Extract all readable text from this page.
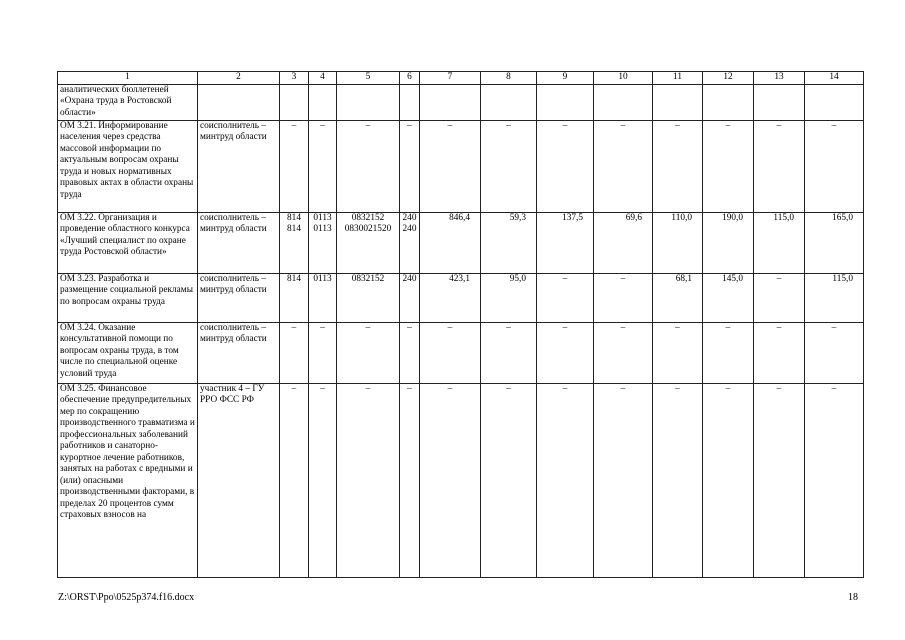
1	2	3	4	5	6	7	8	9	10	11	12	13	14
аналитических бюллетеней «Охрана труда в Ростовской области»													
ОМ 3.21. Информирование населения через средства массовой информации по актуальным вопросам охраны труда и новых нормативных правовых актах в области охраны труда	соисполнитель – минтруд области	–	–	–	–	–	–	–	–	–	–	–	–
ОМ 3.22. Организация и проведение областного конкурса «Лучший специалист по охране труда Ростовской области»	соисполнитель – минтруд области	814 814	0113 0113	0832152 0830021520	240 240	846,4	59,3	137,5	69,6	110,0	190,0	115,0	165,0
ОМ 3.23. Разработка и размещение социальной рекламы по вопросам охраны труда	соисполнитель – минтруд области	814	0113	0832152	240	423,1	95,0	–	–	68,1	145,0	–	115,0
ОМ 3.24. Оказание консультативной помощи по вопросам охраны труда, в том числе по специальной оценке условий труда	соисполнитель – минтруд области	–	–	–	–	–	–	–	–	–	–	–	–
ОМ 3.25. Финансовое обеспечение предупредительных мер по сокращению производственного травматизма и профессиональных заболеваний работников и санаторно-курортное лечение работников, занятых на работах с вредными и (или) опасными производственными факторами, в пределах 20 процентов сумм страховых взносов на	участник 4 – ГУ РРО ФСС РФ	–	–	–	–	–	–	–	–	–	–	–	–
Z:\ORST\Ppo\0525p374.f16.docx	18
